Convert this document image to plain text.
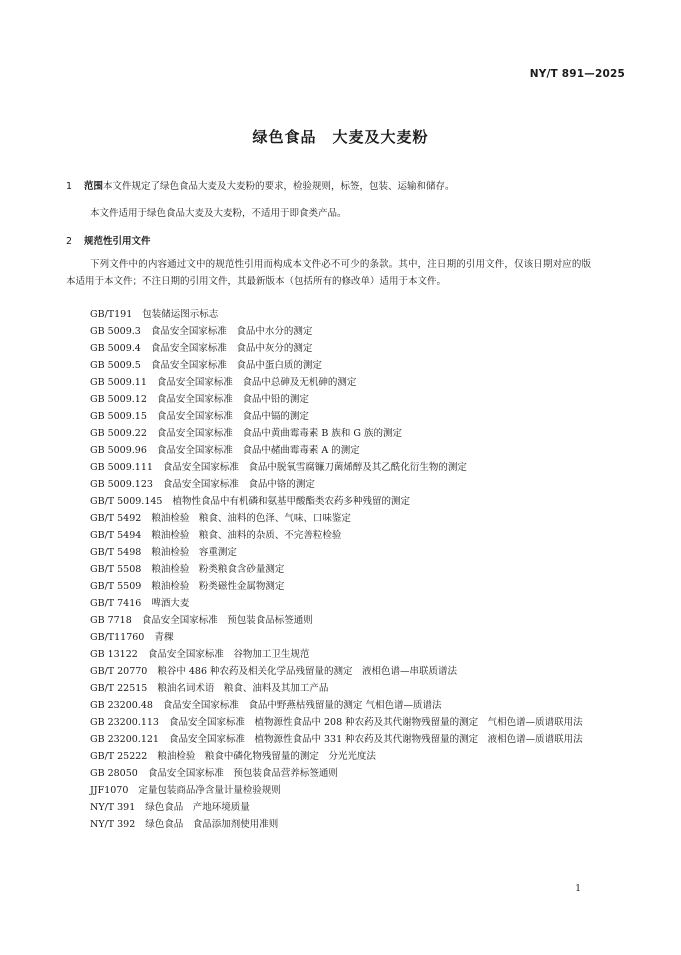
NY/T 891—2025
绿色食品　大麦及大麦粉
1 范围本文件规定了绿色食品大麦及大麦粉的要求，检验规则，标签，包装、运输和储存。
本文件适用于绿色食品大麦及大麦粉，不适用于即食类产品。
2 规范性引用文件
下列文件中的内容通过文中的规范性引用而构成本文件必不可少的条款。其中，注日期的引用文件，仅该日期对应的版本适用于本文件；不注日期的引用文件，其最新版本（包括所有的修改单）适用于本文件。
GB/T191 包装储运图示标志
GB 5009.3 食品安全国家标准　食品中水分的测定
GB 5009.4 食品安全国家标准　食品中灰分的测定
GB 5009.5 食品安全国家标准　食品中蛋白质的测定
GB 5009.11 食品安全国家标准　食品中总砷及无机砷的测定
GB 5009.12 食品安全国家标准　食品中铅的测定
GB 5009.15 食品安全国家标准　食品中镉的测定
GB 5009.22 食品安全国家标准　食品中黄曲霉毒素 B 族和 G 族的测定
GB 5009.96 食品安全国家标准　食品中赭曲霉毒素 A 的测定
GB 5009.111 食品安全国家标准　食品中脱氧雪腐镰刀菌烯醇及其乙酰化衍生物的测定
GB 5009.123 食品安全国家标准　食品中铬的测定
GB/T 5009.145 植物性食品中有机磷和氨基甲酸酯类农药多种残留的测定
GB/T 5492 粮油检验　粮食、油料的色泽、气味、口味鉴定
GB/T 5494 粮油检验　粮食、油料的杂质、不完善粒检验
GB/T 5498 粮油检验　容重测定
GB/T 5508 粮油检验　粉类粮食含砂量测定
GB/T 5509 粮油检验　粉类磁性金属物测定
GB/T 7416 啤酒大麦
GB 7718 食品安全国家标准　预包装食品标签通则
GB/T11760 青稞
GB 13122 食品安全国家标准　谷物加工卫生规范
GB/T 20770 粮谷中 486 种农药及相关化学品残留量的测定　液相色谱—串联质谱法
GB/T 22515 粮油名词术语　粮食、油料及其加工产品
GB 23200.48 食品安全国家标准　食品中野燕枯残留量的测定 气相色谱—质谱法
GB 23200.113 食品安全国家标准　植物源性食品中 208 种农药及其代谢物残留量的测定　气相色谱—质谱联用法
GB 23200.121 食品安全国家标准　植物源性食品中 331 种农药及其代谢物残留量的测定　液相色谱—质谱联用法
GB/T 25222 粮油检验　粮食中磷化物残留量的测定　分光光度法
GB 28050 食品安全国家标准　预包装食品营养标签通则
JJF1070 定量包装商品净含量计量检验规则
NY/T 391 绿色食品　产地环境质量
NY/T 392 绿色食品　食品添加剂使用准则
1
